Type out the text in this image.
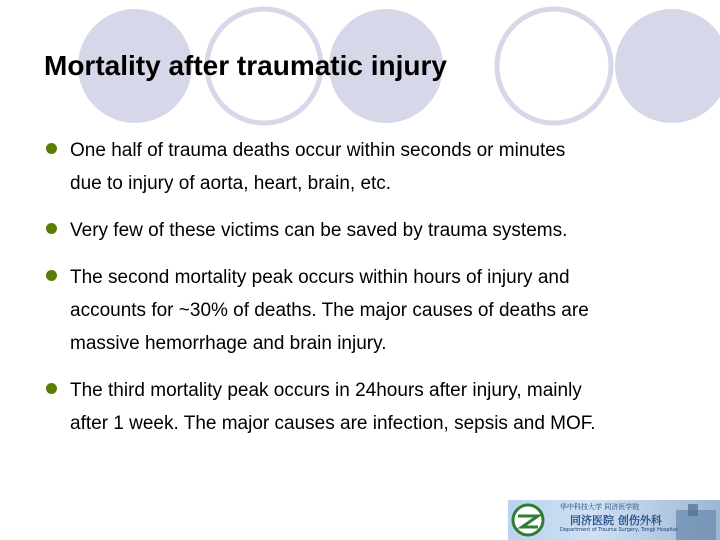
Mortality after traumatic injury
One half of trauma deaths occur within seconds or minutes
due to injury of aorta, heart, brain, etc.
Very few of these victims can be saved by trauma systems.
The second mortality peak occurs within hours of injury and
accounts for ~30% of deaths. The major causes of deaths are
massive hemorrhage and brain injury.
The third mortality peak occurs in 24hours after injury, mainly
after 1 week. The major causes are infection, sepsis and MOF.
华中科技大学 同济医学院
同济医院 创伤外科
Department of Trauma Surgery, Tongji Hospital
